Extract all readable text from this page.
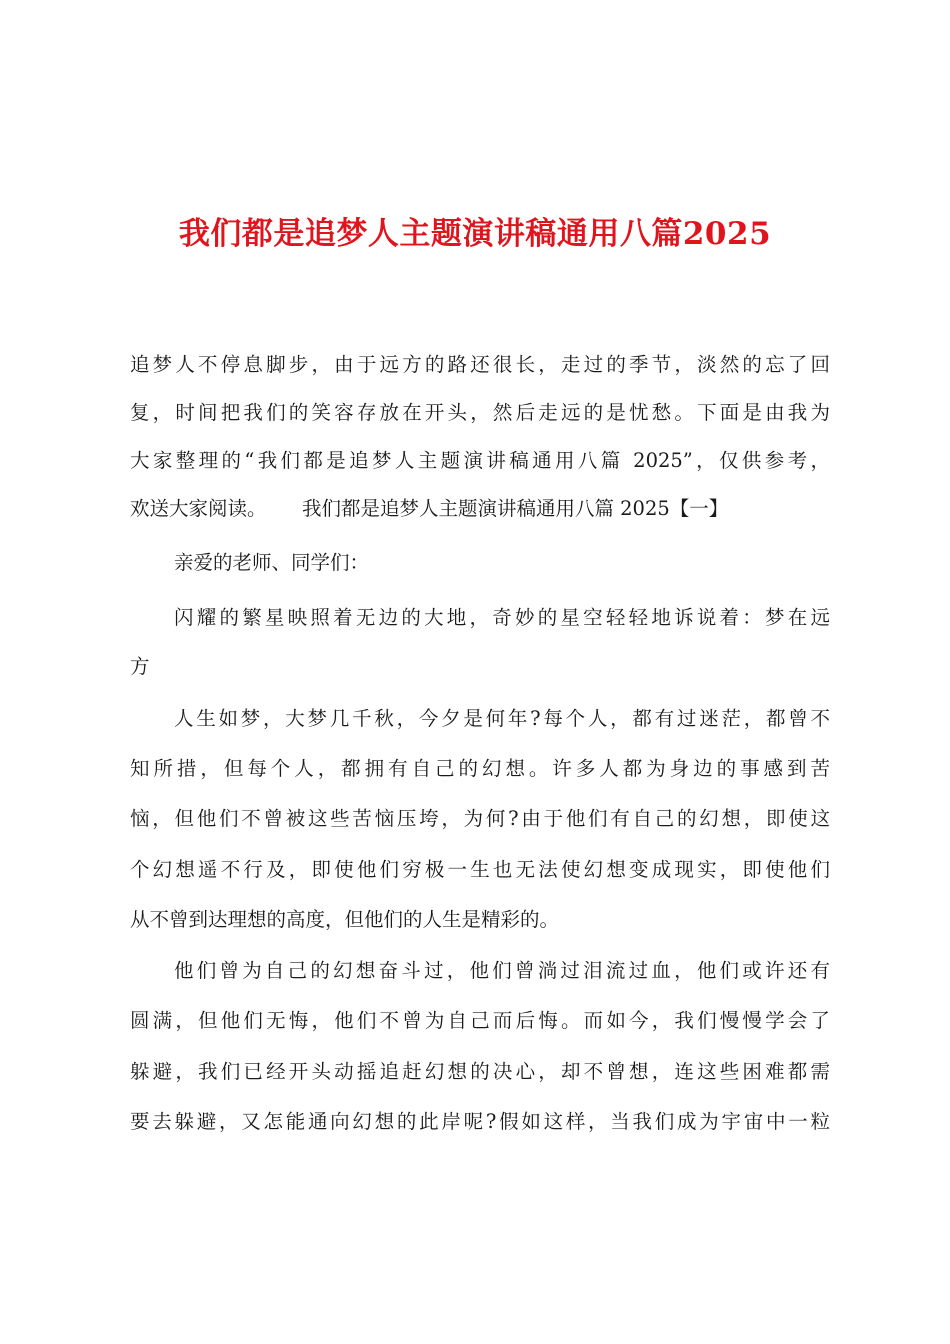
我们都是追梦人主题演讲稿通用八篇2025
追梦人不停息脚步，由于远方的路还很长，走过的季节，淡然的忘了回
复，时间把我们的笑容存放在开头，然后走远的是忧愁。下面是由我为
大家整理的“我们都是追梦人主题演讲稿通用八篇 2025”，仅供参考，
欢送大家阅读。　　 我们都是追梦人主题演讲稿通用八篇 2025【一】
亲爱的老师、同学们：
闪耀的繁星映照着无边的大地，奇妙的星空轻轻地诉说着：梦在远
方
人生如梦，大梦几千秋，今夕是何年?每个人，都有过迷茫，都曾不
知所措，但每个人，都拥有自己的幻想。许多人都为身边的事感到苦
恼，但他们不曾被这些苦恼压垮，为何?由于他们有自己的幻想，即使这
个幻想遥不行及，即使他们穷极一生也无法使幻想变成现实，即使他们
从不曾到达理想的高度，但他们的人生是精彩的。
他们曾为自己的幻想奋斗过，他们曾淌过泪流过血，他们或许还有
圆满，但他们无悔，他们不曾为自己而后悔。而如今，我们慢慢学会了
躲避，我们已经开头动摇追赶幻想的决心，却不曾想，连这些困难都需
要去躲避，又怎能通向幻想的此岸呢?假如这样，当我们成为宇宙中一粒
